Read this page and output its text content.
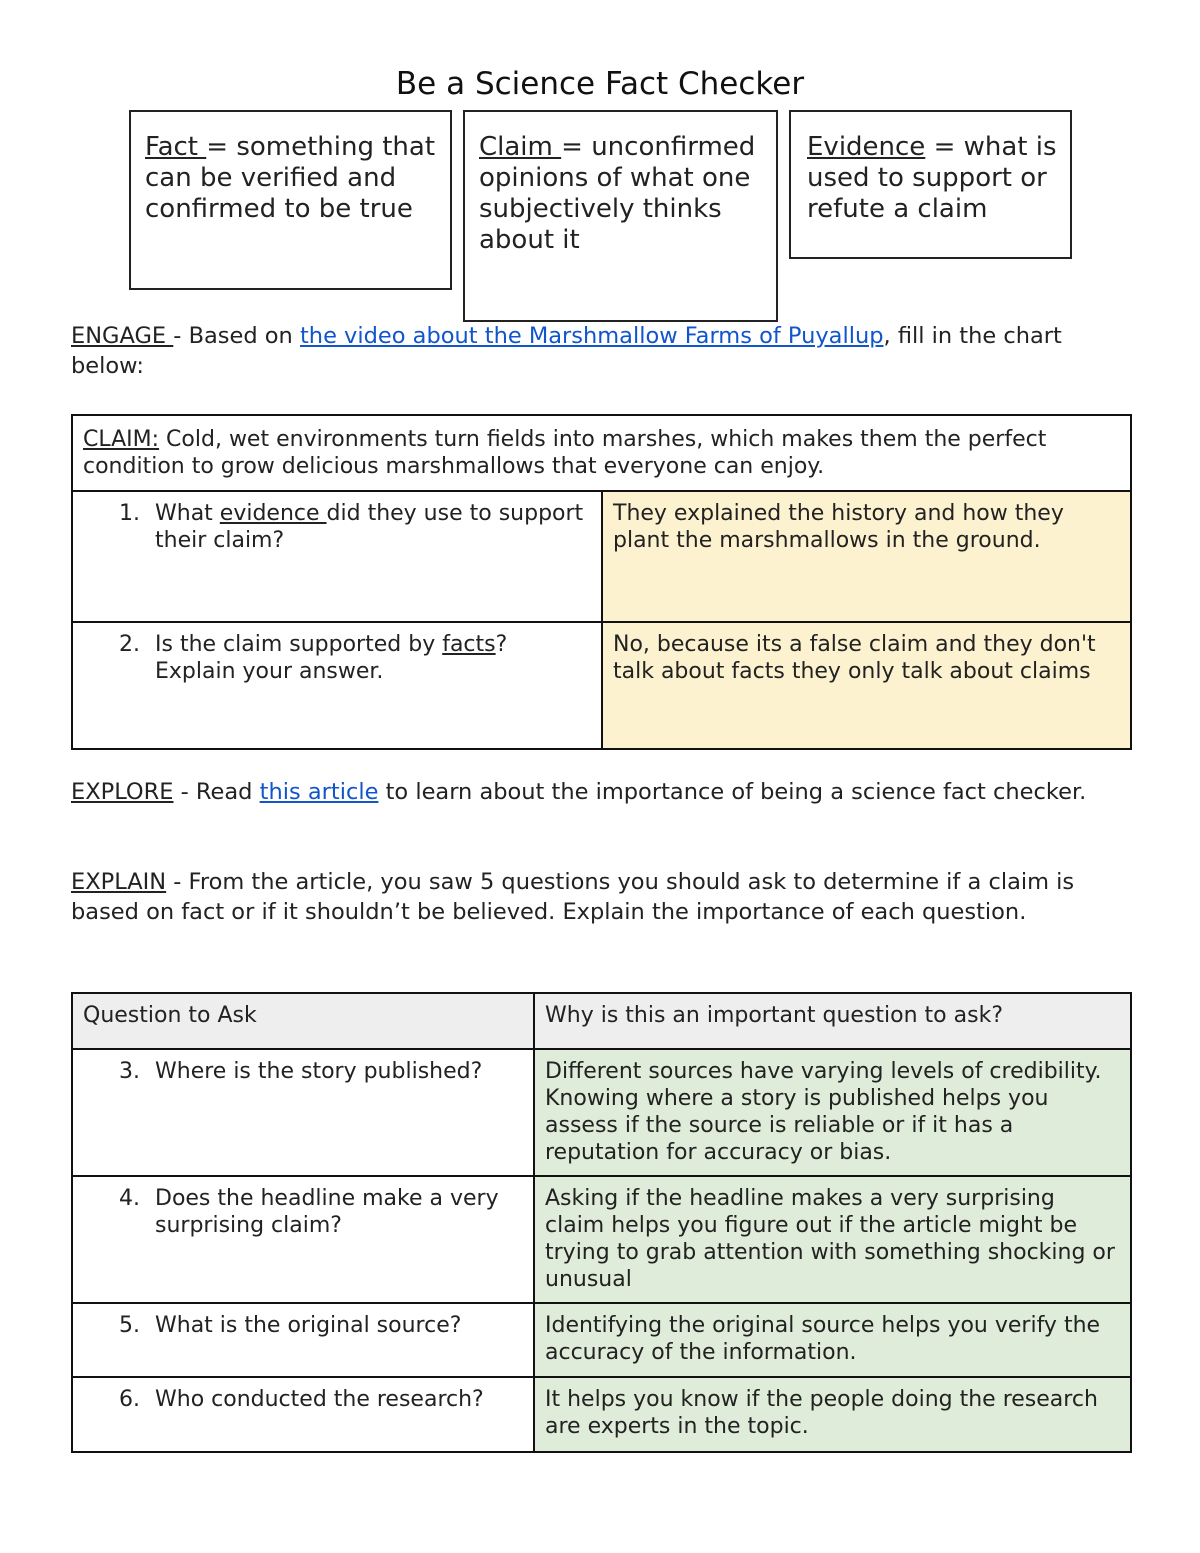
Be a Science Fact Checker
Fact = something that can be verified and confirmed to be true
Claim = unconfirmed opinions of what one subjectively thinks about it
Evidence = what is used to support or refute a claim
ENGAGE - Based on the video about the Marshmallow Farms of Puyallup, fill in the chart below:
CLAIM: Cold, wet environments turn fields into marshes, which makes them the perfect condition to grow delicious marshmallows that everyone can enjoy.	

1. What evidence did they use to support their claim?	They explained the history and how they plant the marshmallows in the ground.

2. Is the claim supported by facts? Explain your answer.	No, because its a false claim and they don't talk about facts they only talk about claims
EXPLORE - Read this article to learn about the importance of being a science fact checker.
EXPLAIN - From the article, you saw 5 questions you should ask to determine if a claim is based on fact or if it shouldn’t be believed. Explain the importance of each question.
Question to Ask	Why is this an important question to ask?

3. Where is the story published?	Different sources have varying levels of credibility. Knowing where a story is published helps you assess if the source is reliable or if it has a reputation for accuracy or bias.

4. Does the headline make a very surprising claim?	Asking if the headline makes a very surprising claim helps you figure out if the article might be trying to grab attention with something shocking or unusual

5. What is the original source?	Identifying the original source helps you verify the accuracy of the information.

6. Who conducted the research?	It helps you know if the people doing the research are experts in the topic.
